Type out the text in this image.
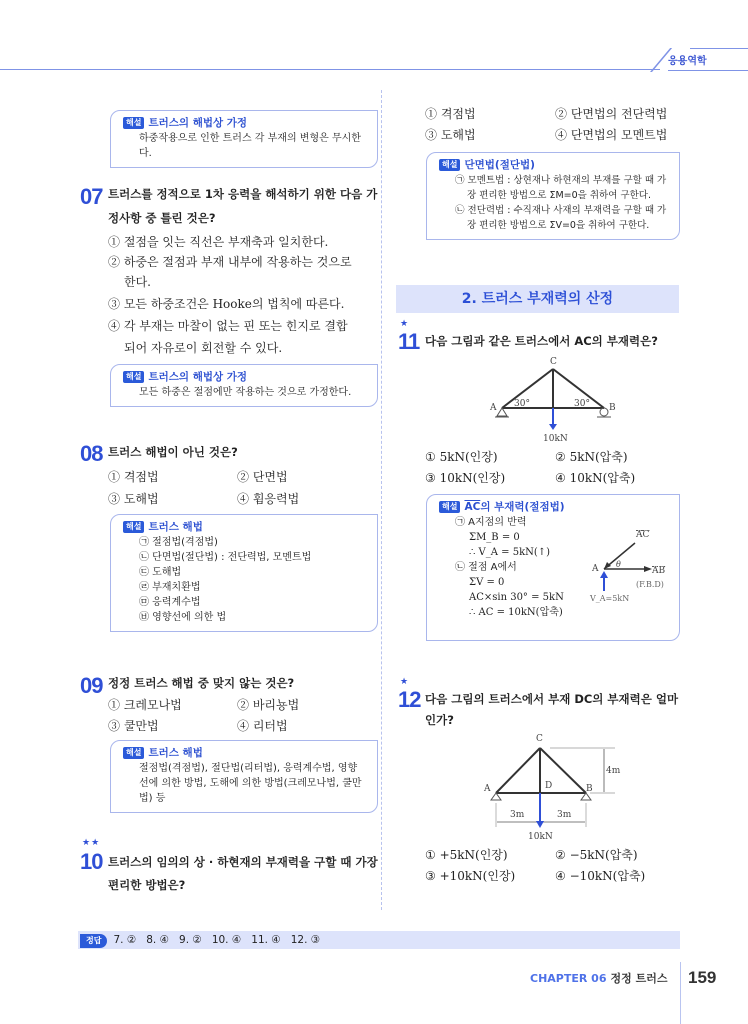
응용역학
해설 트러스의 해법상 가정
하중작용으로 인한 트러스 각 부재의 변형은 무시한다.
07 트러스를 정적으로 1차 응력을 해석하기 위한 다음 가
정사항 중 틀린 것은?
① 절점을 잇는 직선은 부재축과 일치한다.
② 하중은 절점과 부재 내부에 작용하는 것으로
한다.
③ 모든 하중조건은 Hooke의 법칙에 따른다.
④ 각 부재는 마찰이 없는 핀 또는 힌지로 결합
되어 자유로이 회전할 수 있다.
해설 트러스의 해법상 가정
모든 하중은 절점에만 작용하는 것으로 가정한다.
08 트러스 해법이 아닌 것은?
① 격점법	② 단면법
③ 도해법	④ 휨응력법
해설 트러스 해법
㉠ 절점법(격점법)
㉡ 단면법(절단법) : 전단력법, 모멘트법
㉢ 도해법
㉣ 부재치환법
㉤ 응력계수법
㉥ 영향선에 의한 법
09 정정 트러스 해법 중 맞지 않는 것은?
① 크레모나법	② 바리뇽법
③ 쿨만법	④ 리터법
해설 트러스 해법
절점법(격점법), 절단법(리터법), 응력계수법, 영향
선에 의한 방법, 도해에 의한 방법(크레모나법, 쿨만
법) 등
★★
10 트러스의 임의의 상 · 하현재의 부재력을 구할 때 가장
편리한 방법은?
① 격점법	② 단면법의 전단력법
③ 도해법	④ 단면법의 모멘트법
해설 단면법(절단법)
㉠ 모멘트법 : 상현재나 하현재의 부재를 구할 때 가
장 편리한 방법으로 ΣM=0을 취하여 구한다.
㉡ 전단력법 : 수직재나 사재의 부재력을 구할 때 가
장 편리한 방법으로 ΣV=0을 취하여 구한다.
2. 트러스 부재력의 산정
★
11 다음 그림과 같은 트러스에서 AC의 부재력은?
C
A	B
30°	30°
10kN
① 5kN(인장)	② 5kN(압축)
③ 10kN(인장)	④ 10kN(압축)
해설 $\overline{AC}$의 부재력(절점법)
㉠ A지점의 반력
ΣM_B = 0
∴ V_A = 5kN(↑)
㉡ 절점 A에서
ΣV = 0
AC×sin 30° = 5kN
∴ AC = 10kN(압축)
AC
AB
A θ
(F.B.D)
V_A=5kN
★
12 다음 그림의 트러스에서 부재 DC의 부재력은 얼마
인가?
C
A	B
D
4m
3m	3m
10kN
① +5kN(인장)	② −5kN(압축)
③ +10kN(인장)	④ −10kN(압축)
정답 7. ②   8. ④   9. ②   10. ④   11. ④   12. ③
CHAPTER 06 정정 트러스 159
